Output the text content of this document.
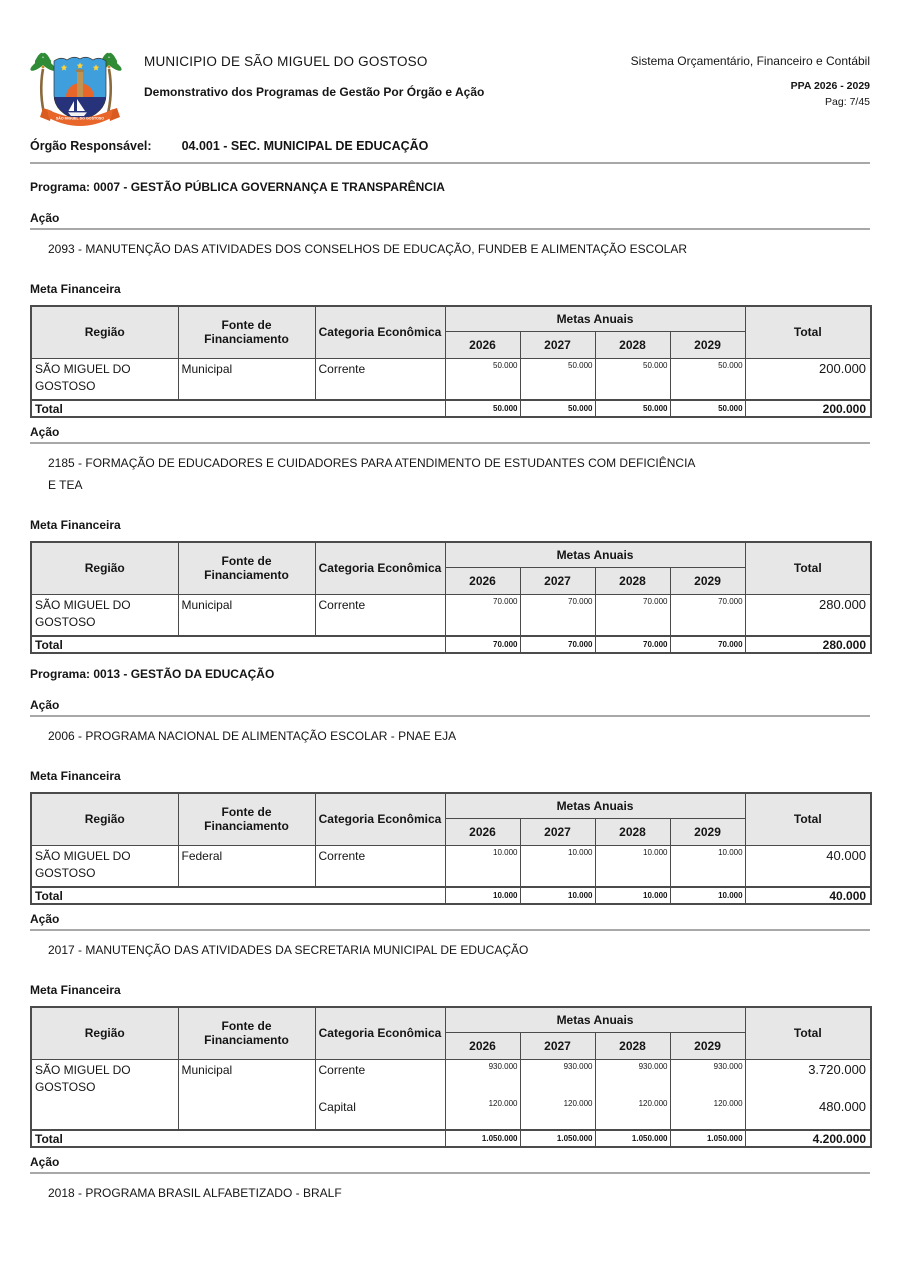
SÃO MIGUEL DO GOSTOSO
MUNICIPIO DE SÃO MIGUEL DO GOSTOSO
Demonstrativo dos Programas de Gestão Por Órgão e Ação
Sistema Orçamentário, Financeiro e Contábil
PPA 2026 - 2029
Pag: 7/45
Órgão Responsável: 04.001 - SEC. MUNICIPAL DE EDUCAÇÃO
Programa: 0007 - GESTÃO PÚBLICA GOVERNANÇA E TRANSPARÊNCIA
Ação
2093 - MANUTENÇÃO DAS ATIVIDADES DOS CONSELHOS DE EDUCAÇÃO, FUNDEB E ALIMENTAÇÃO ESCOLAR
Meta Financeira
Região	Fonte de Financiamento	Categoria Econômica	Metas Anuais				Total
			2026	2027	2028	2029	
SÃO MIGUEL DO GOSTOSO	Municipal	Corrente	50.000	50.000	50.000	50.000	200.000
Total			50.000	50.000	50.000	50.000	200.000
Ação
2185 - FORMAÇÃO DE EDUCADORES E CUIDADORES PARA ATENDIMENTO DE ESTUDANTES COM DEFICIÊNCIA
E TEA
Meta Financeira
Região	Fonte de Financiamento	Categoria Econômica	Metas Anuais				Total
			2026	2027	2028	2029	
SÃO MIGUEL DO GOSTOSO	Municipal	Corrente	70.000	70.000	70.000	70.000	280.000
Total			70.000	70.000	70.000	70.000	280.000
Programa: 0013 - GESTÃO DA EDUCAÇÃO
Ação
2006 - PROGRAMA NACIONAL DE ALIMENTAÇÃO ESCOLAR - PNAE EJA
Meta Financeira
Região	Fonte de Financiamento	Categoria Econômica	Metas Anuais				Total
			2026	2027	2028	2029	
SÃO MIGUEL DO GOSTOSO	Federal	Corrente	10.000	10.000	10.000	10.000	40.000
Total			10.000	10.000	10.000	10.000	40.000
Ação
2017 - MANUTENÇÃO DAS ATIVIDADES DA SECRETARIA MUNICIPAL DE EDUCAÇÃO
Meta Financeira
Região	Fonte de Financiamento	Categoria Econômica	Metas Anuais				Total
			2026	2027	2028	2029	
SÃO MIGUEL DO GOSTOSO	Municipal	Corrente	930.000	930.000	930.000	930.000	3.720.000
		Capital	120.000	120.000	120.000	120.000	480.000
Total			1.050.000	1.050.000	1.050.000	1.050.000	4.200.000
Ação
2018 - PROGRAMA BRASIL ALFABETIZADO - BRALF
